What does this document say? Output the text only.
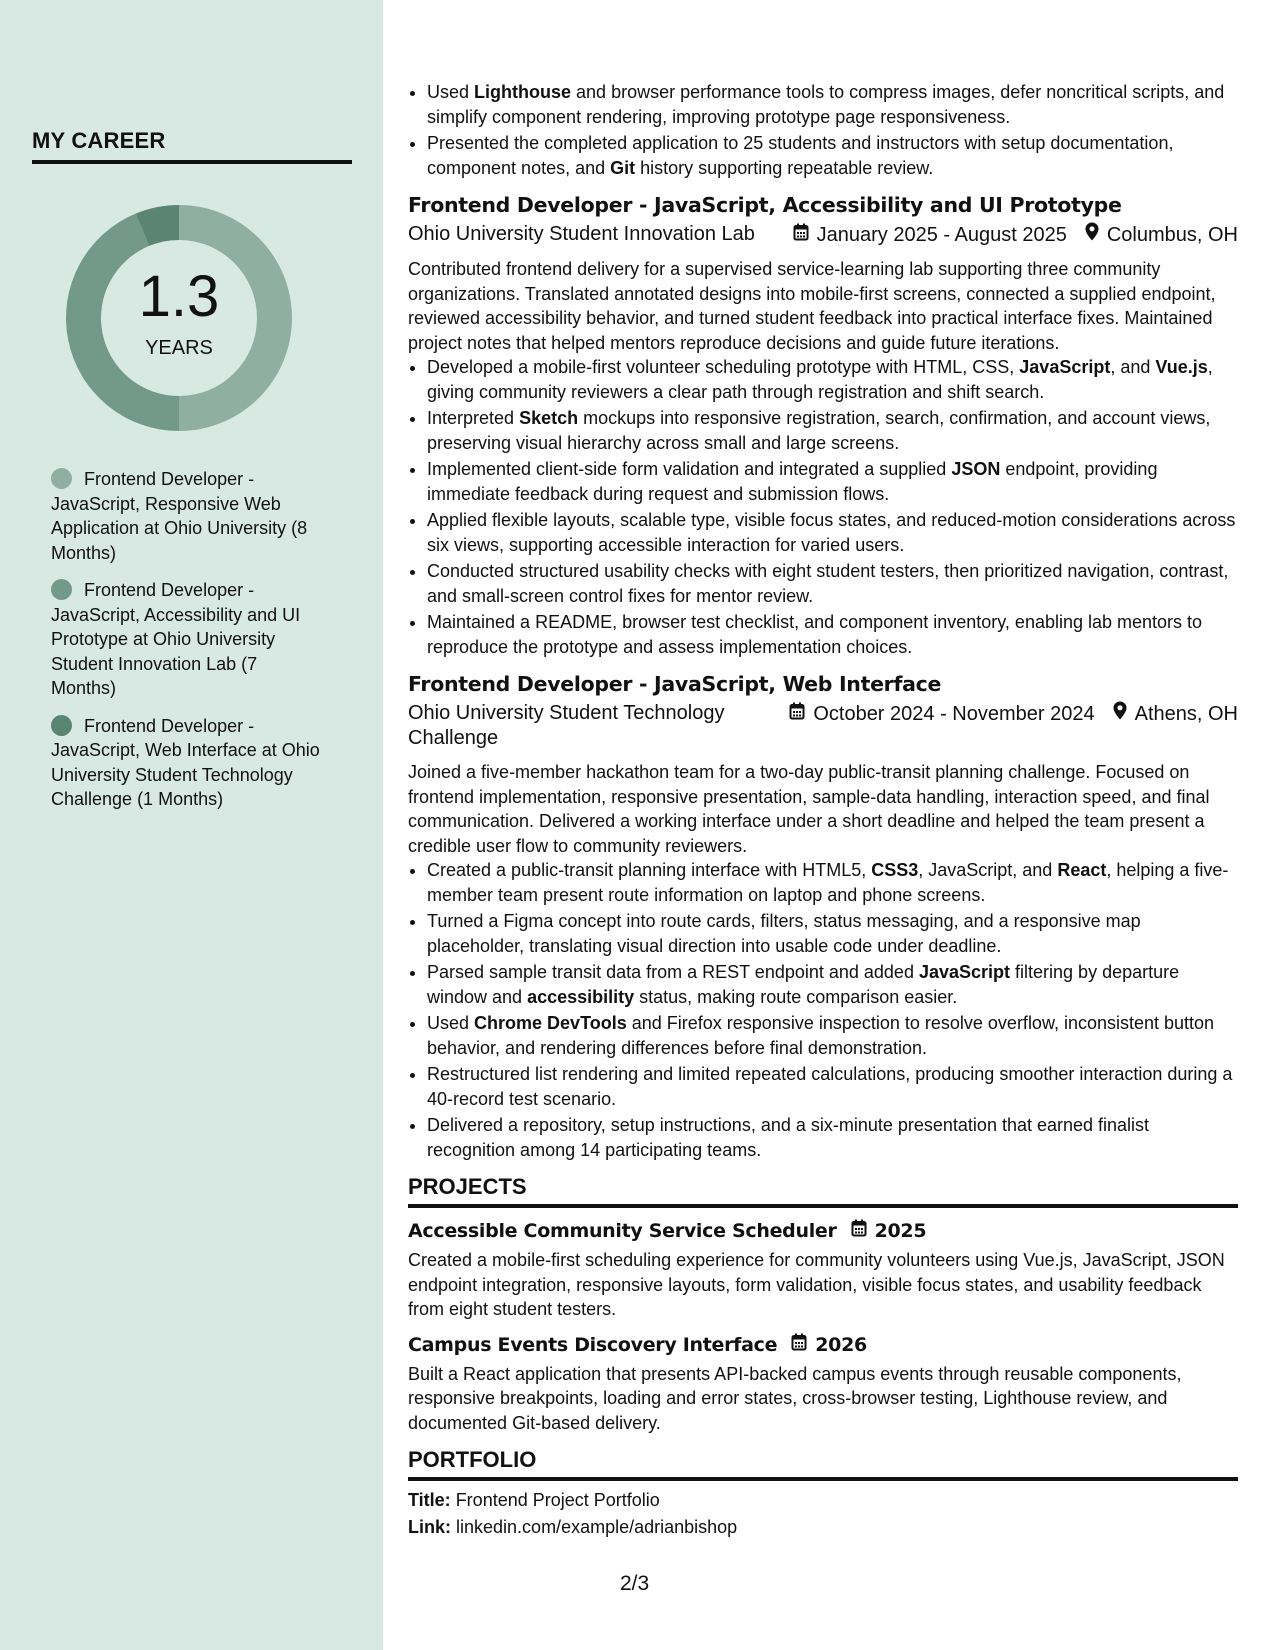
MY CAREER
1.3
YEARS
Frontend Developer - JavaScript, Responsive Web Application at Ohio University (8 Months)
Frontend Developer - JavaScript, Accessibility and UI Prototype at Ohio University Student Innovation Lab (7 Months)
Frontend Developer - JavaScript, Web Interface at Ohio University Student Technology Challenge (1 Months)
• Used Lighthouse and browser performance tools to compress images, defer noncritical scripts, and simplify component rendering, improving prototype page responsiveness.
• Presented the completed application to 25 students and instructors with setup documentation, component notes, and Git history supporting repeatable review.
Frontend Developer - JavaScript, Accessibility and UI Prototype
Ohio University Student Innovation Lab	January 2025 - August 2025 Columbus, OH
Contributed frontend delivery for a supervised service-learning lab supporting three community organizations. Translated annotated designs into mobile-first screens, connected a supplied endpoint, reviewed accessibility behavior, and turned student feedback into practical interface fixes. Maintained project notes that helped mentors reproduce decisions and guide future iterations.
• Developed a mobile-first volunteer scheduling prototype with HTML, CSS, JavaScript, and Vue.js, giving community reviewers a clear path through registration and shift search.
• Interpreted Sketch mockups into responsive registration, search, confirmation, and account views, preserving visual hierarchy across small and large screens.
• Implemented client-side form validation and integrated a supplied JSON endpoint, providing immediate feedback during request and submission flows.
• Applied flexible layouts, scalable type, visible focus states, and reduced-motion considerations across six views, supporting accessible interaction for varied users.
• Conducted structured usability checks with eight student testers, then prioritized navigation, contrast, and small-screen control fixes for mentor review.
• Maintained a README, browser test checklist, and component inventory, enabling lab mentors to reproduce the prototype and assess implementation choices.
Frontend Developer - JavaScript, Web Interface
Ohio University Student Technology Challenge
October 2024 - November 2024 Athens, OH
Joined a five-member hackathon team for a two-day public-transit planning challenge. Focused on frontend implementation, responsive presentation, sample-data handling, interaction speed, and final communication. Delivered a working interface under a short deadline and helped the team present a credible user flow to community reviewers.
• Created a public-transit planning interface with HTML5, CSS3, JavaScript, and React, helping a five-member team present route information on laptop and phone screens.
• Turned a Figma concept into route cards, filters, status messaging, and a responsive map placeholder, translating visual direction into usable code under deadline.
• Parsed sample transit data from a REST endpoint and added JavaScript filtering by departure window and accessibility status, making route comparison easier.
• Used Chrome DevTools and Firefox responsive inspection to resolve overflow, inconsistent button behavior, and rendering differences before final demonstration.
• Restructured list rendering and limited repeated calculations, producing smoother interaction during a 40-record test scenario.
• Delivered a repository, setup instructions, and a six-minute presentation that earned finalist recognition among 14 participating teams.
PROJECTS
Accessible Community Service Scheduler 2025
Created a mobile-first scheduling experience for community volunteers using Vue.js, JavaScript, JSON endpoint integration, responsive layouts, form validation, visible focus states, and usability feedback from eight student testers.
Campus Events Discovery Interface 2026
Built a React application that presents API-backed campus events through reusable components, responsive breakpoints, loading and error states, cross-browser testing, Lighthouse review, and documented Git-based delivery.
PORTFOLIO
Title: Frontend Project Portfolio
Link: linkedin.com/example/adrianbishop
2/3
